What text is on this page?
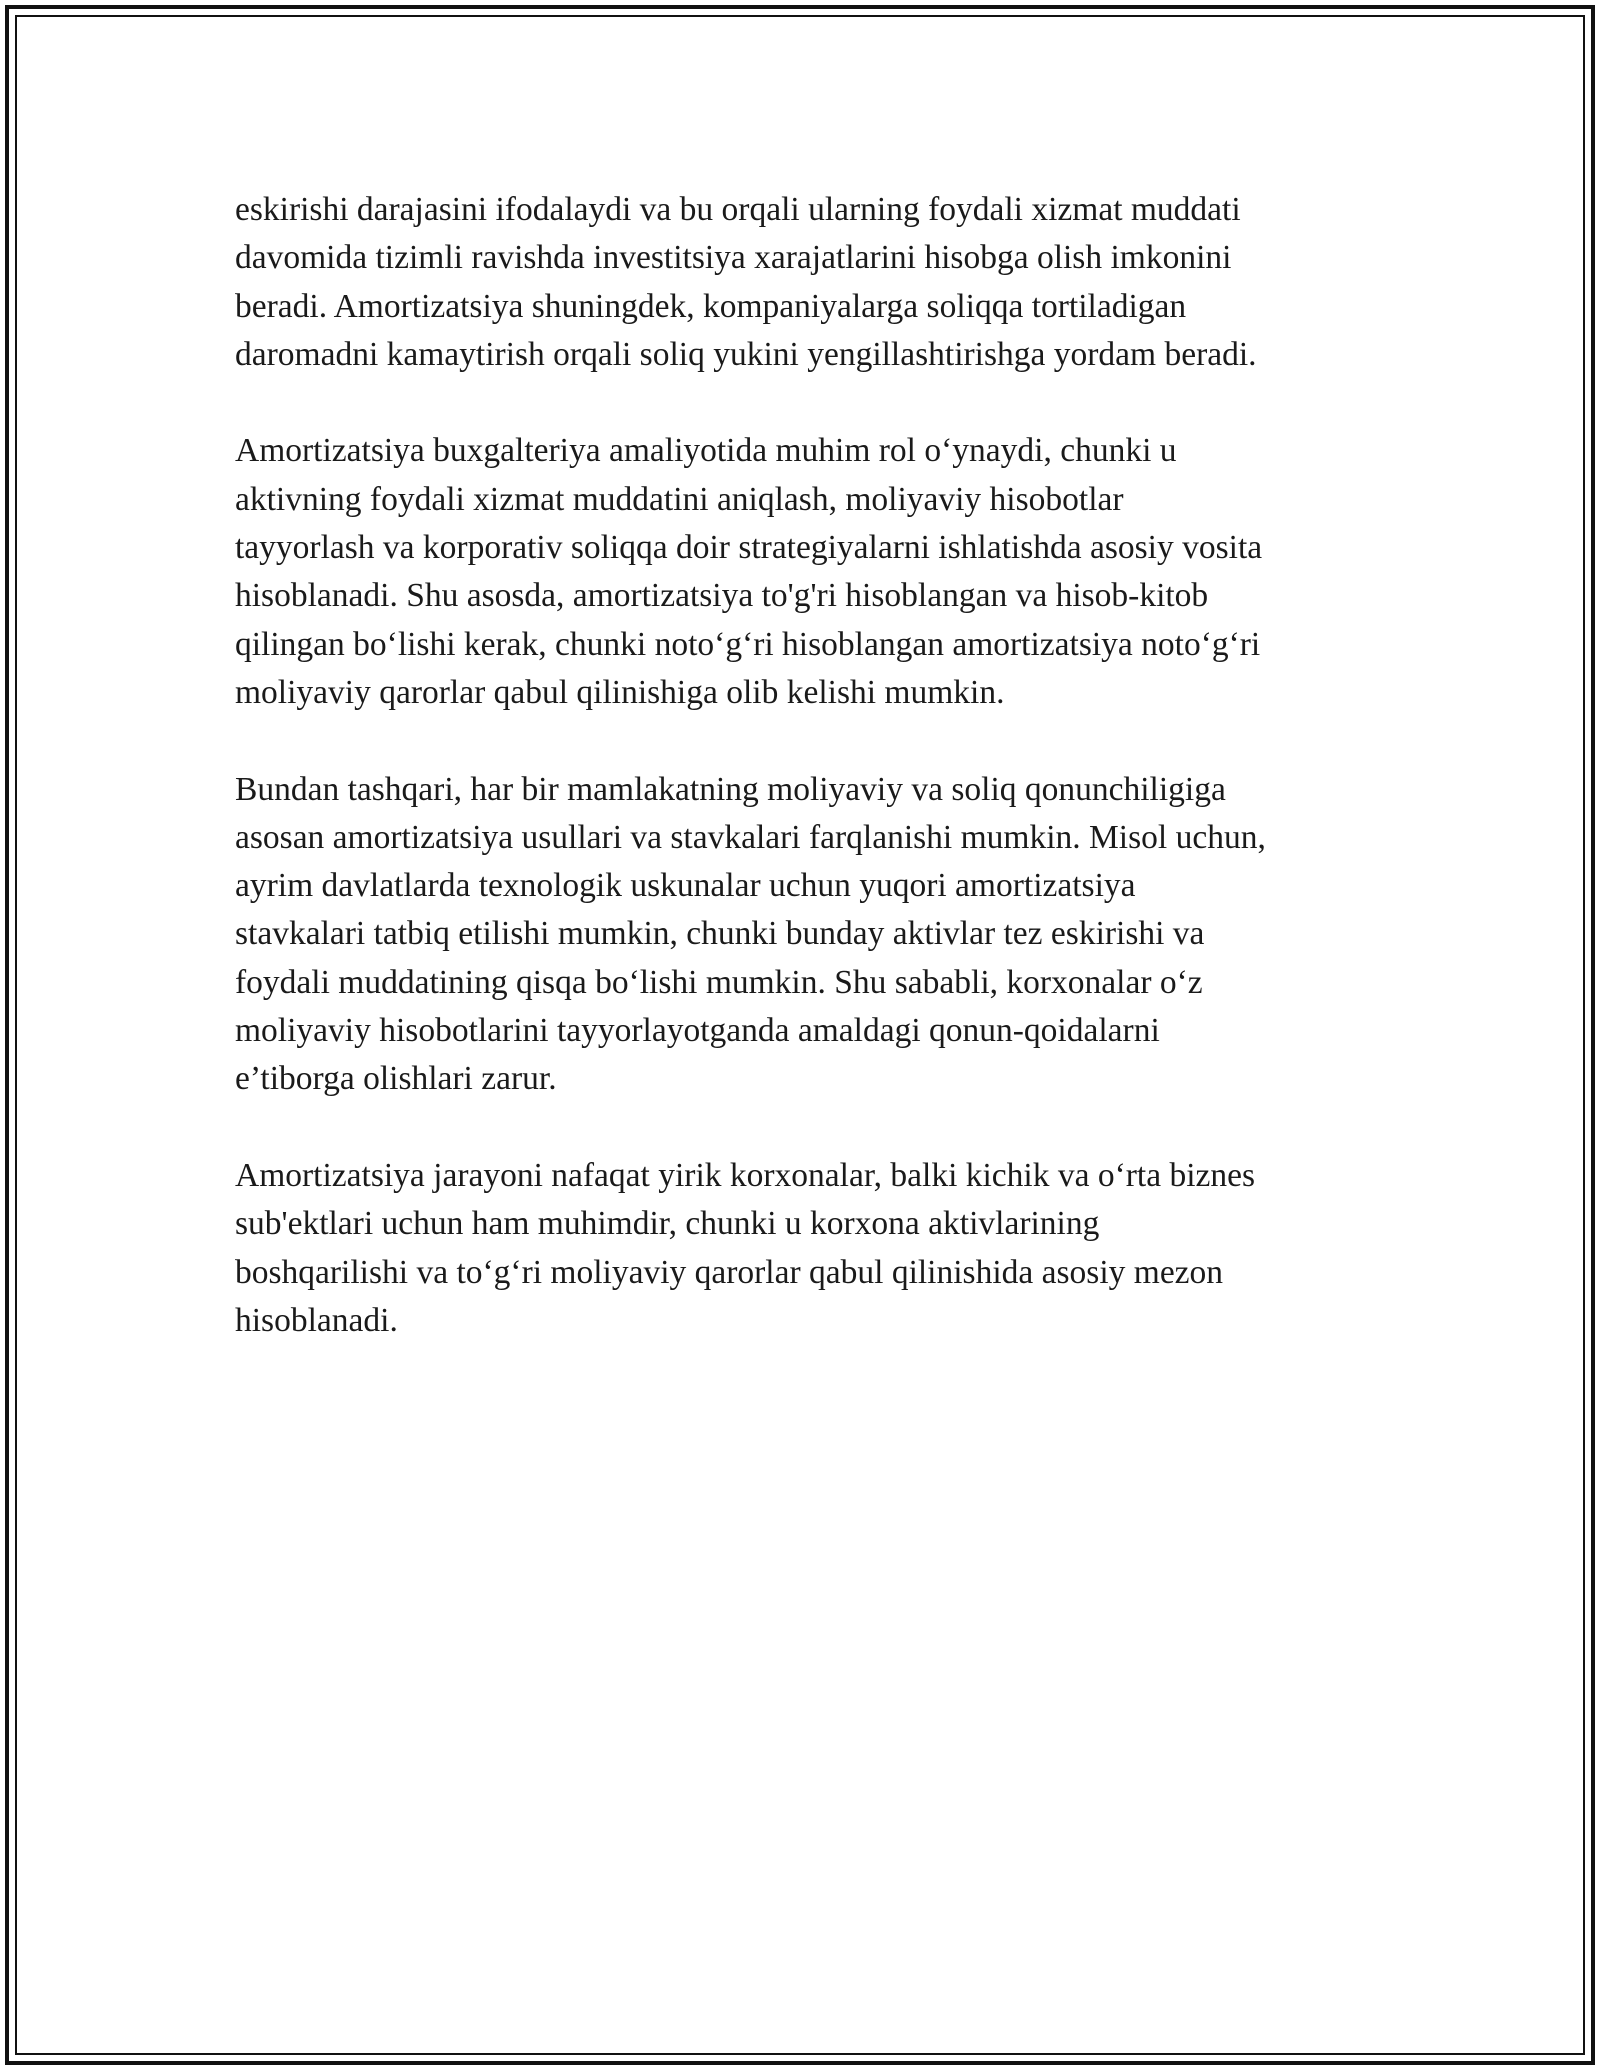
eskirishi darajasini ifodalaydi va bu orqali ularning foydali xizmat muddati
davomida tizimli ravishda investitsiya xarajatlarini hisobga olish imkonini
beradi. Amortizatsiya shuningdek, kompaniyalarga soliqqa tortiladigan
daromadni kamaytirish orqali soliq yukini yengillashtirishga yordam beradi.

Amortizatsiya buxgalteriya amaliyotida muhim rol o‘ynaydi, chunki u
aktivning foydali xizmat muddatini aniqlash, moliyaviy hisobotlar
tayyorlash va korporativ soliqqa doir strategiyalarni ishlatishda asosiy vosita
hisoblanadi. Shu asosda, amortizatsiya to'g'ri hisoblangan va hisob-kitob
qilingan bo‘lishi kerak, chunki noto‘g‘ri hisoblangan amortizatsiya noto‘g‘ri
moliyaviy qarorlar qabul qilinishiga olib kelishi mumkin.

Bundan tashqari, har bir mamlakatning moliyaviy va soliq qonunchiligiga
asosan amortizatsiya usullari va stavkalari farqlanishi mumkin. Misol uchun,
ayrim davlatlarda texnologik uskunalar uchun yuqori amortizatsiya
stavkalari tatbiq etilishi mumkin, chunki bunday aktivlar tez eskirishi va
foydali muddatining qisqa bo‘lishi mumkin. Shu sababli, korxonalar o‘z
moliyaviy hisobotlarini tayyorlayotganda amaldagi qonun-qoidalarni
e’tiborga olishlari zarur.

Amortizatsiya jarayoni nafaqat yirik korxonalar, balki kichik va o‘rta biznes
sub'ektlari uchun ham muhimdir, chunki u korxona aktivlarining
boshqarilishi va to‘g‘ri moliyaviy qarorlar qabul qilinishida asosiy mezon
hisoblanadi.
